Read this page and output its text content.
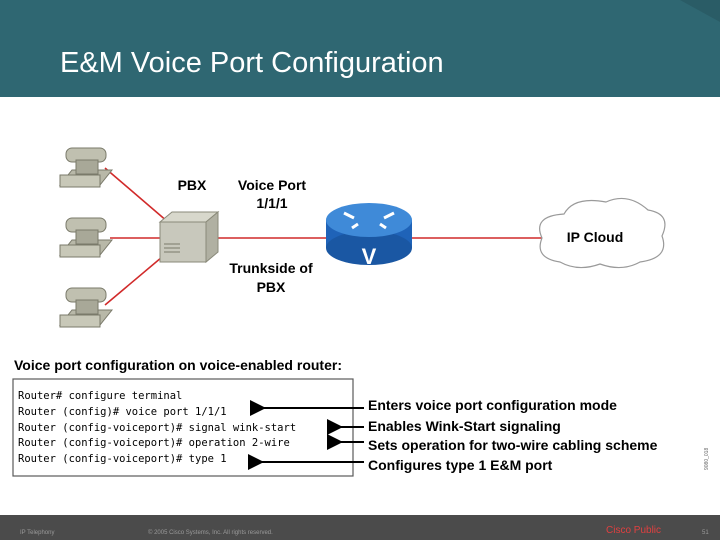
E&M Voice Port Configuration
V
IP Cloud
PBX Voice Port
1/1/1
Trunkside of
PBX
Voice port configuration on voice-enabled router:
Router# configure terminal
Router (config)# voice port 1/1/1
Router (config-voiceport)# signal wink-start
Router (config-voiceport)# operation 2-wire
Router (config-voiceport)# type 1
Enters voice port configuration mode
Enables Wink-Start signaling
Sets operation for two-wire cabling scheme
Configures type 1 E&M port	9080_018
IP Telephony	© 2005 Cisco Systems, Inc. All rights reserved.	Cisco Public	51
